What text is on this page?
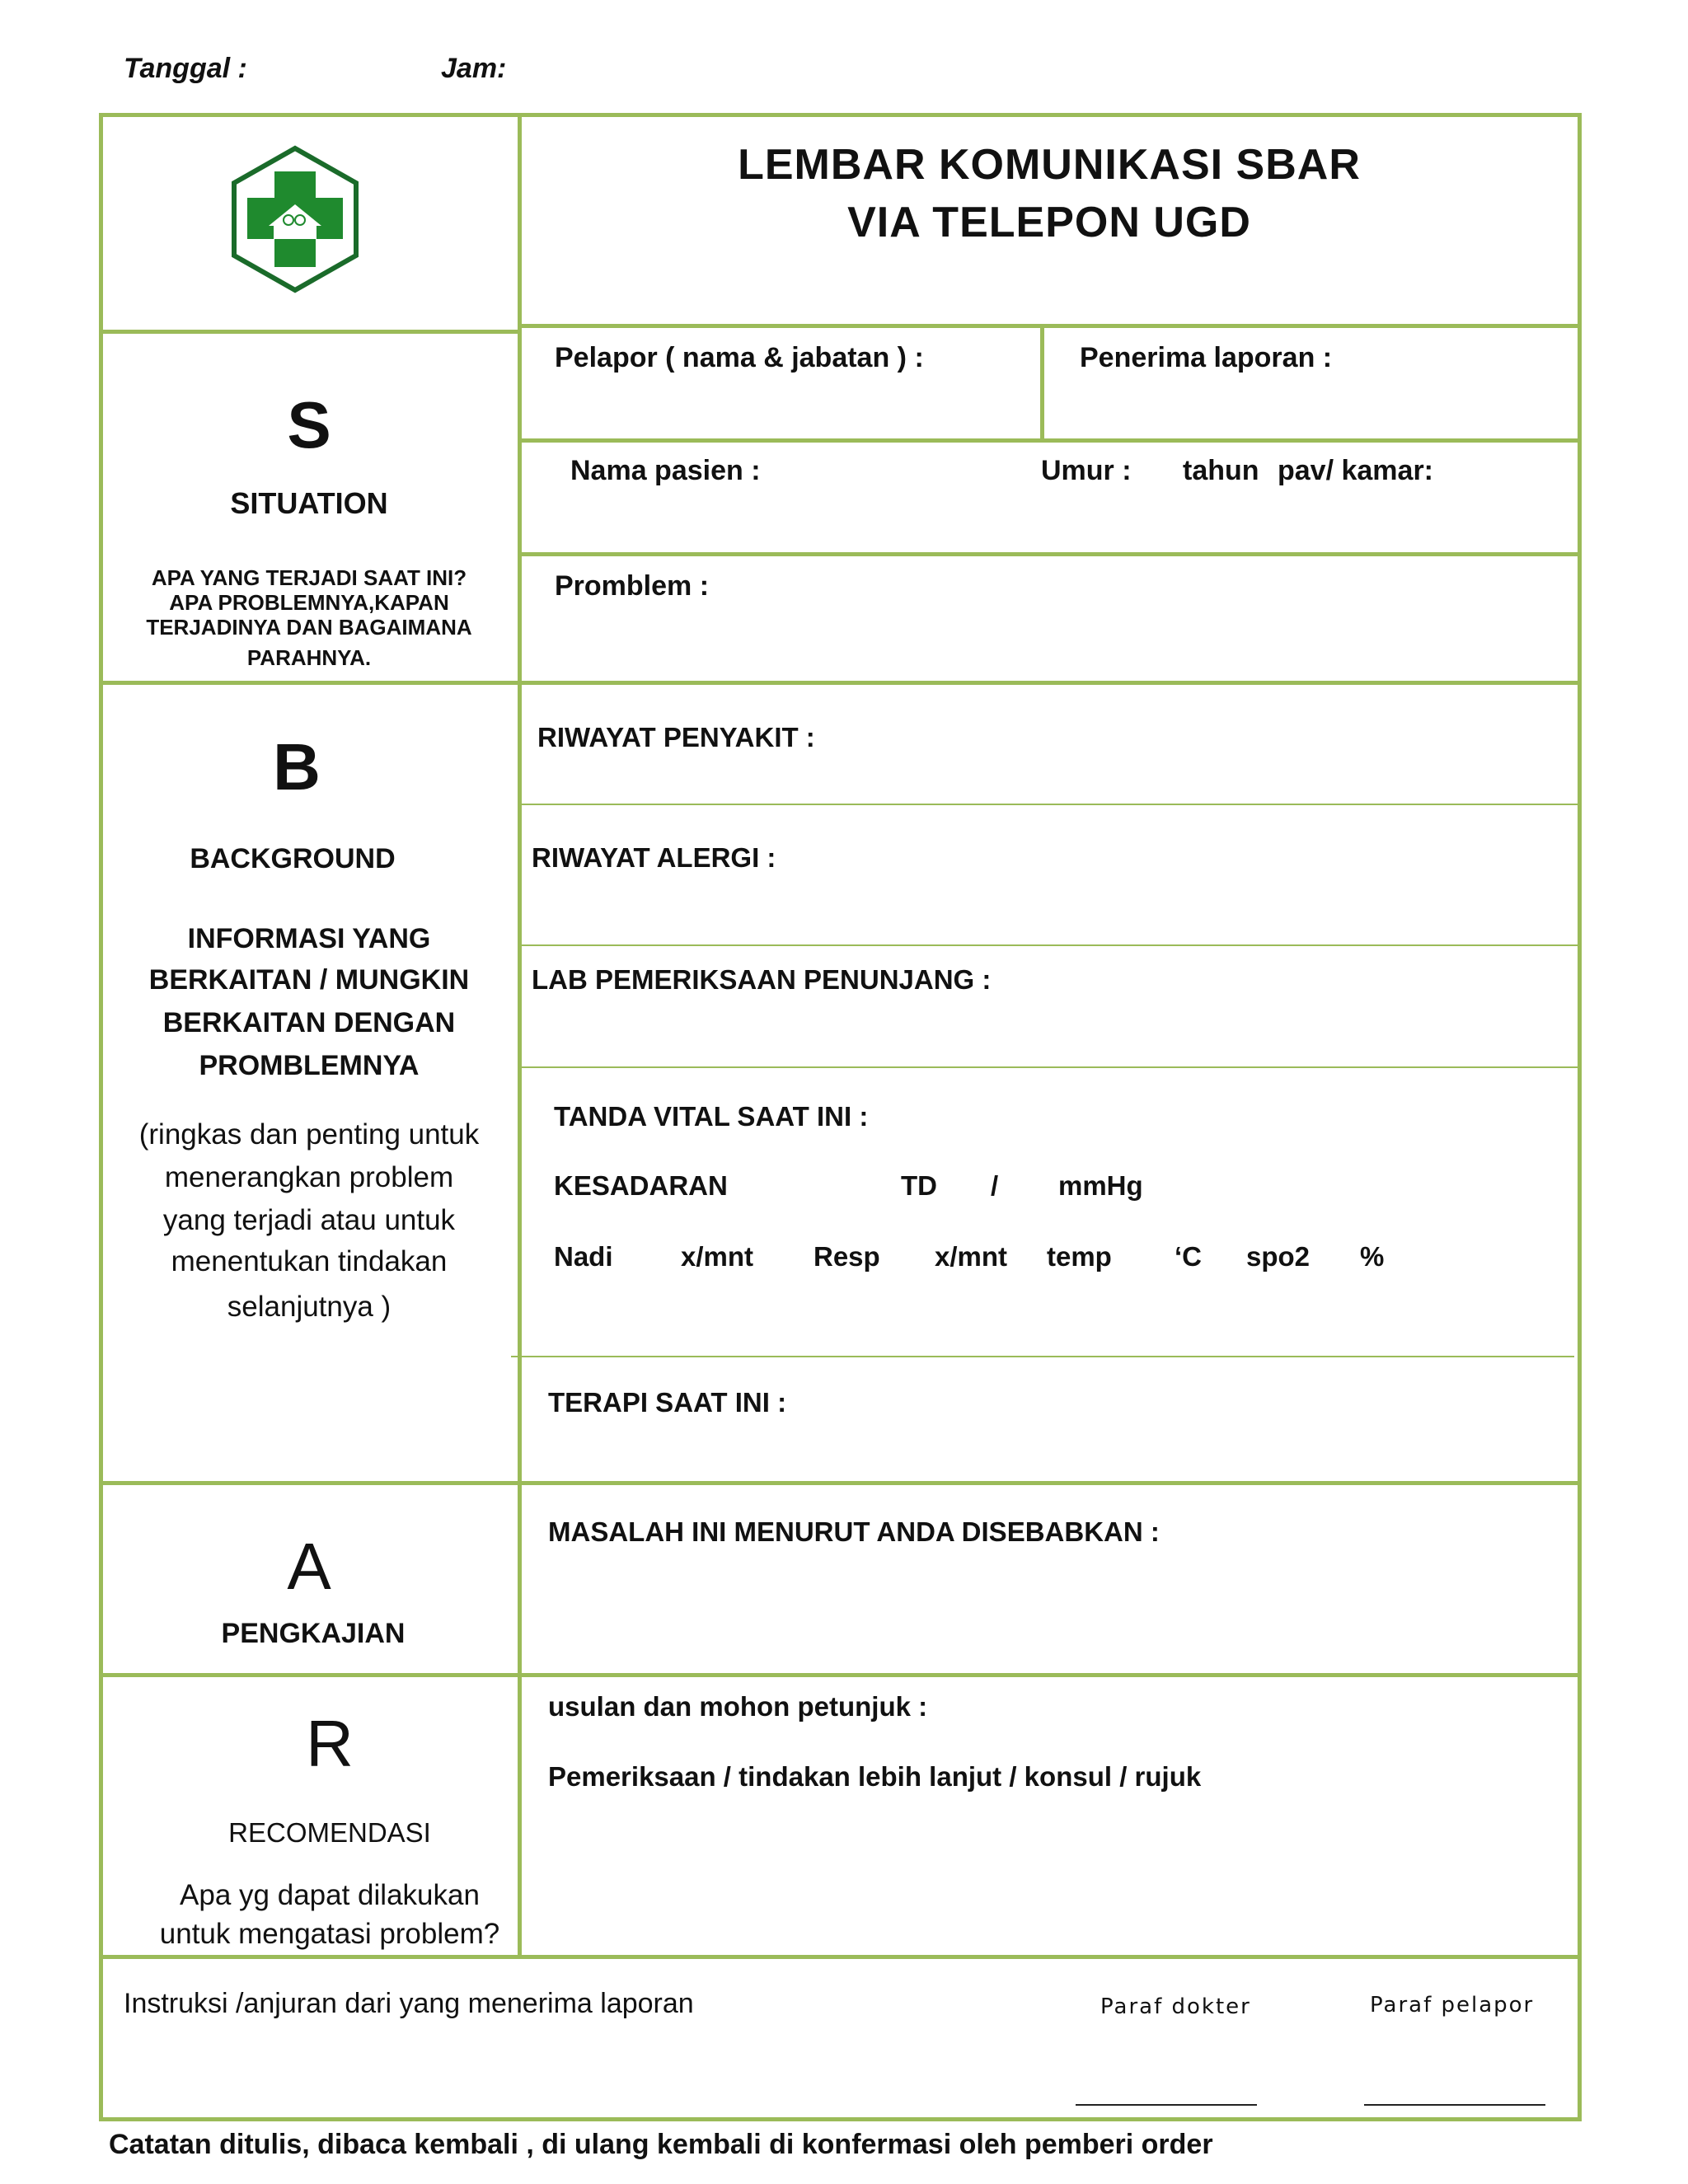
Tanggal :	Jam:
LEMBAR KOMUNIKASI SBAR
VIA TELEPON UGD
S
SITUATION
APA YANG TERJADI SAAT INI?
APA PROBLEMNYA,KAPAN
TERJADINYA DAN BAGAIMANA
PARAHNYA.
Pelapor ( nama & jabatan ) :	Penerima laporan :
Nama pasien :	Umur : tahun pav/ kamar:
Promblem :
B
BACKGROUND
INFORMASI YANG
BERKAITAN / MUNGKIN
BERKAITAN DENGAN
PROMBLEMNYA
(ringkas dan penting untuk
menerangkan problem
yang terjadi atau untuk
menentukan tindakan
selanjutnya )
RIWAYAT PENYAKIT :
RIWAYAT ALERGI :
LAB PEMERIKSAAN PENUNJANG :
TANDA VITAL SAAT INI :
KESADARAN	TD / mmHg
Nadi x/mnt Resp x/mnt temp ‘C spo2 %
TERAPI SAAT INI :
A
PENGKAJIAN
MASALAH INI MENURUT ANDA DISEBABKAN :
R
RECOMENDASI
Apa yg dapat dilakukan
untuk mengatasi problem?
usulan dan mohon petunjuk :
Pemeriksaan / tindakan lebih lanjut / konsul / rujuk
Instruksi /anjuran dari yang menerima laporan	Paraf dokter	Paraf pelapor
Catatan ditulis, dibaca kembali , di ulang kembali di konfermasi oleh pemberi order
